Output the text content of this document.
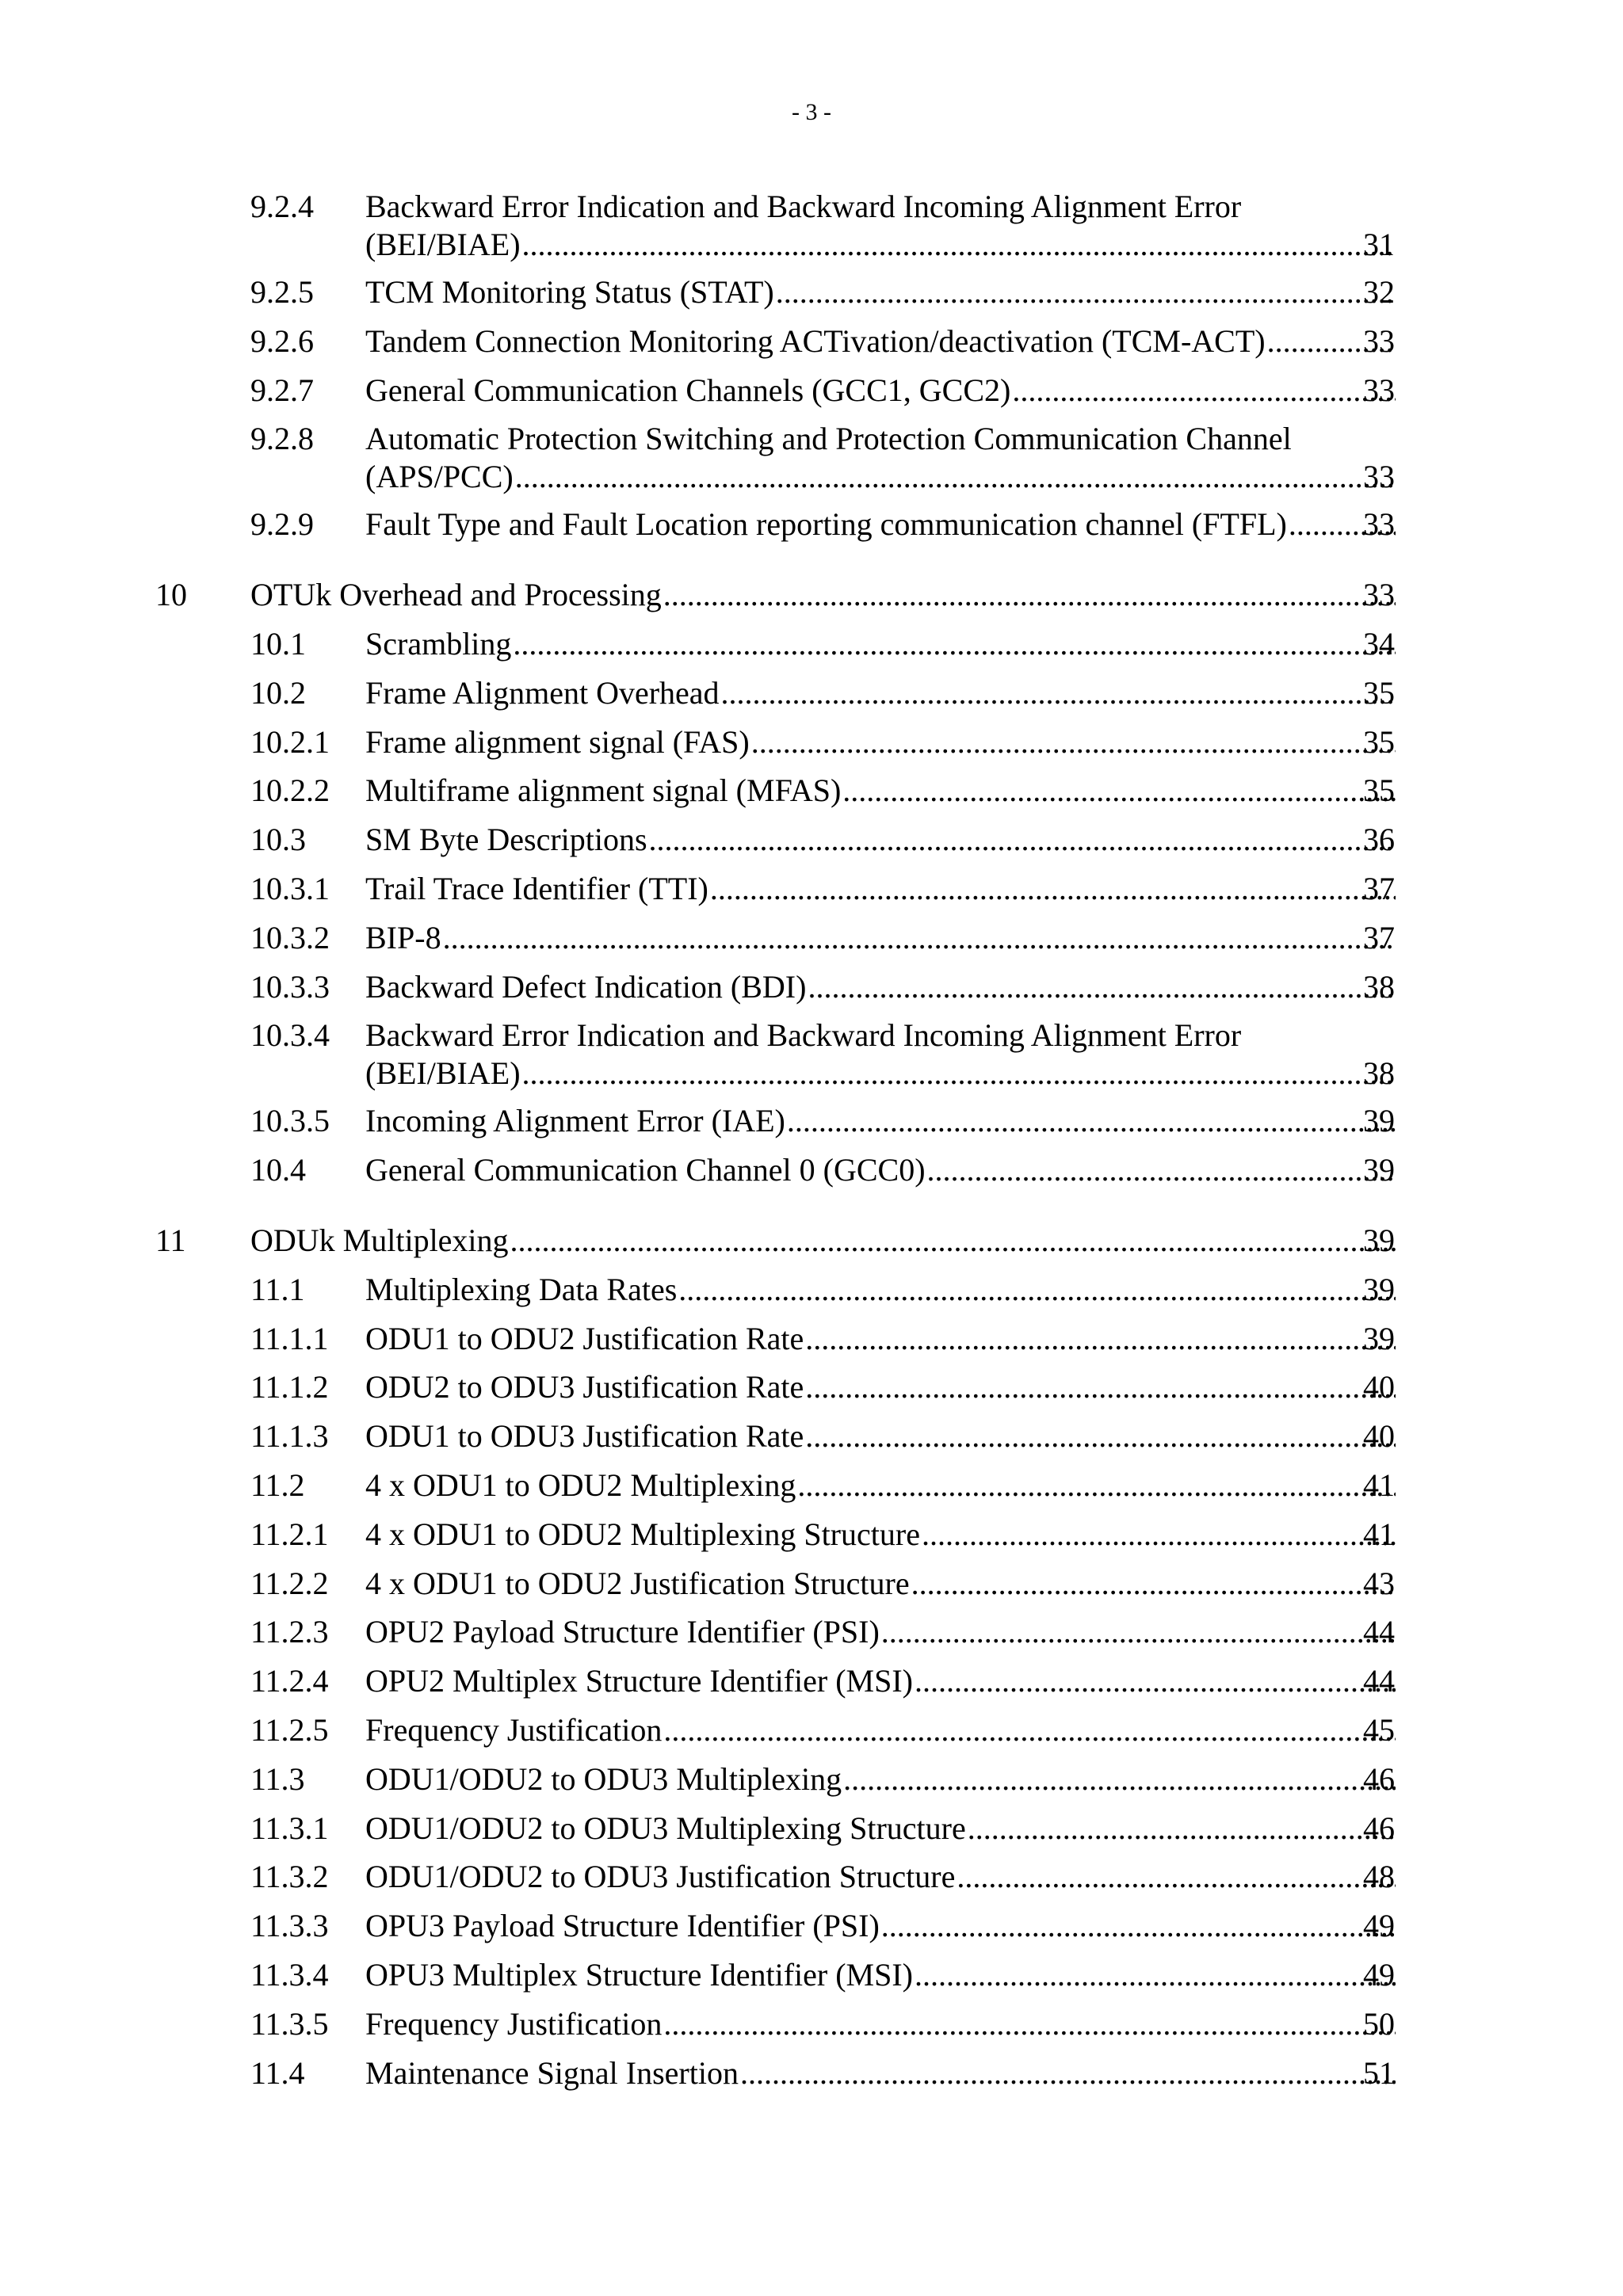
- 3 -
9.2.4 Backward Error Indication and Backward Incoming Alignment Error
(BEI/BIAE) .....	31
9.2.5 TCM Monitoring Status (STAT) .....	32
9.2.6 Tandem Connection Monitoring ACTivation/deactivation (TCM-ACT) .....	33
9.2.7 General Communication Channels (GCC1, GCC2) .....	33
9.2.8 Automatic Protection Switching and Protection Communication Channel
(APS/PCC) .....	33
9.2.9 Fault Type and Fault Location reporting communication channel (FTFL) ..... 33
10 OTUk Overhead and Processing .....	33
10.1 Scrambling .....	34
10.2 Frame Alignment Overhead .....	35
10.2.1 Frame alignment signal (FAS) .....	35
10.2.2 Multiframe alignment signal (MFAS) .....	35
10.3 SM Byte Descriptions .....	36
10.3.1 Trail Trace Identifier (TTI) .....	37
10.3.2 BIP-8 .....	37
10.3.3 Backward Defect Indication (BDI) .....	38
10.3.4 Backward Error Indication and Backward Incoming Alignment Error
(BEI/BIAE) .....	38
10.3.5 Incoming Alignment Error (IAE) .....	39
10.4 General Communication Channel 0 (GCC0) .....	39
11 ODUk Multiplexing .....	39
11.1 Multiplexing Data Rates .....	39
11.1.1 ODU1 to ODU2 Justification Rate .....	39
11.1.2 ODU2 to ODU3 Justification Rate .....	40
11.1.3 ODU1 to ODU3 Justification Rate .....	40
11.2 4 x ODU1 to ODU2 Multiplexing .....	41
11.2.1 4 x ODU1 to ODU2 Multiplexing Structure .....	41
11.2.2 4 x ODU1 to ODU2 Justification Structure .....	43
11.2.3 OPU2 Payload Structure Identifier (PSI) .....	44
11.2.4 OPU2 Multiplex Structure Identifier (MSI) .....	44
11.2.5 Frequency Justification .....	45
11.3 ODU1/ODU2 to ODU3 Multiplexing .....	46
11.3.1 ODU1/ODU2 to ODU3 Multiplexing Structure .....	46
11.3.2 ODU1/ODU2 to ODU3 Justification Structure .....	48
11.3.3 OPU3 Payload Structure Identifier (PSI) .....	49
11.3.4 OPU3 Multiplex Structure Identifier (MSI) .....	49
11.3.5 Frequency Justification .....	50
11.4 Maintenance Signal Insertion .....	51
